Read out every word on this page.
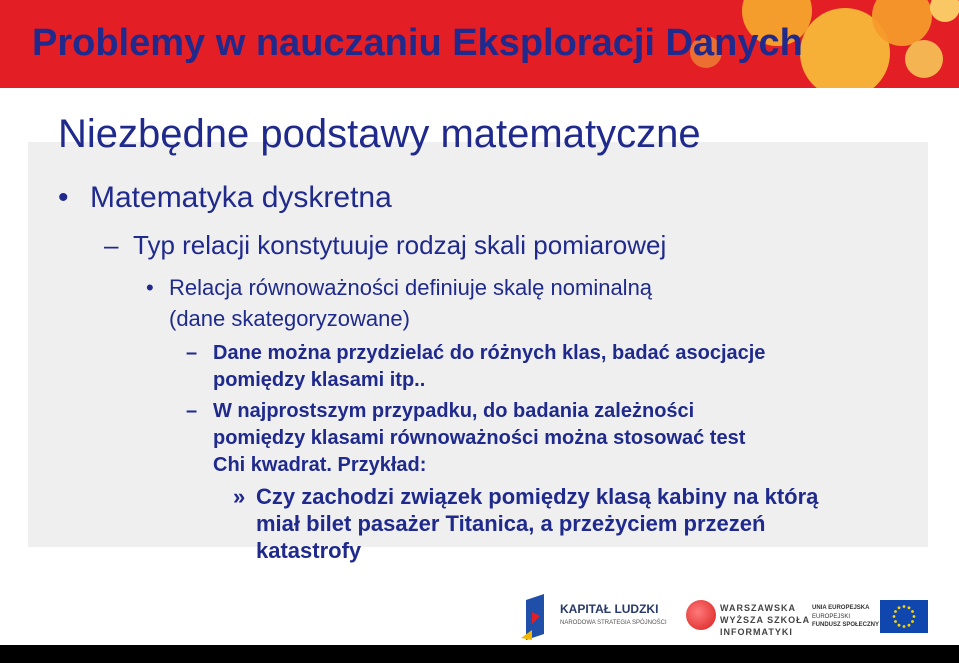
Problemy w nauczaniu Eksploracji Danych
Niezbędne podstawy matematyczne
• Matematyka dyskretna
– Typ relacji konstytuuje rodzaj skali pomiarowej
• Relacja równoważności definiuje skalę nominalną
(dane skategoryzowane)
– Dane można przydzielać do różnych klas, badać asocjacje
pomiędzy klasami itp..
– W najprostszym przypadku, do badania zależności
pomiędzy klasami równoważności można stosować test
Chi kwadrat. Przykład:
» Czy zachodzi związek pomiędzy klasą kabiny na którą
miał bilet pasażer Titanica, a przeżyciem przezeń
katastrofy
KAPITAŁ LUDZKI
NARODOWA STRATEGIA SPÓJNOŚCI
WARSZAWSKA
WYŻSZA SZKOŁA
INFORMATYKI
UNIA EUROPEJSKA
EUROPEJSKI
FUNDUSZ SPOŁECZNY
